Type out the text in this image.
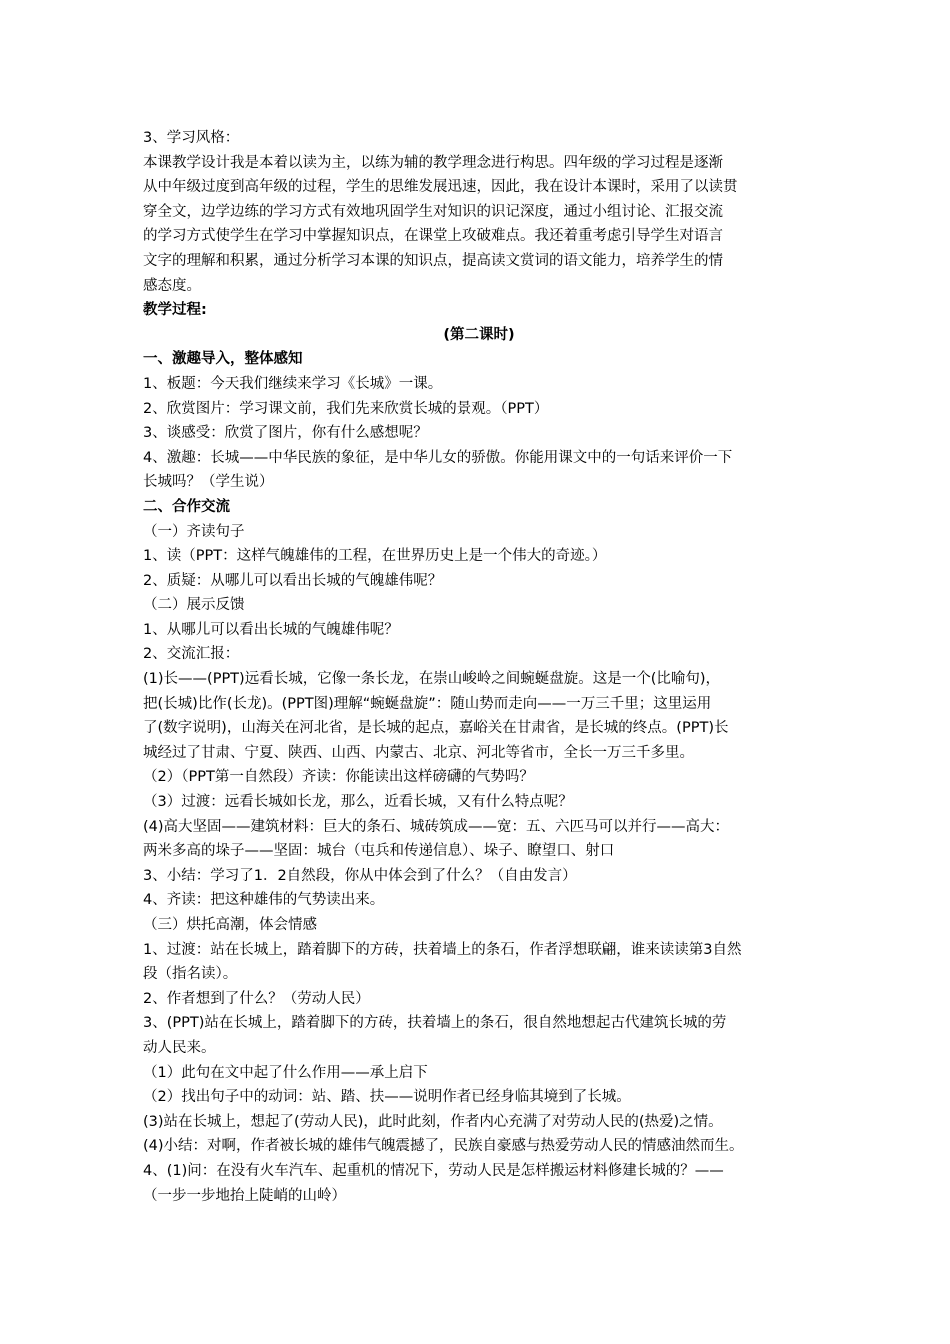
3、学习风格：
本课教学设计我是本着以读为主，以练为辅的教学理念进行构思。四年级的学习过程是逐渐
从中年级过度到高年级的过程，学生的思维发展迅速，因此，我在设计本课时，采用了以读贯
穿全文，边学边练的学习方式有效地巩固学生对知识的识记深度，通过小组讨论、汇报交流
的学习方式使学生在学习中掌握知识点，在课堂上攻破难点。我还着重考虑引导学生对语言
文字的理解和积累，通过分析学习本课的知识点，提高读文赏词的语文能力，培养学生的情
感态度。
教学过程:
(第二课时)
一、激趣导入，整体感知
1、板题：今天我们继续来学习《长城》一课。
2、欣赏图片：学习课文前，我们先来欣赏长城的景观。（PPT）
3、谈感受：欣赏了图片，你有什么感想呢？
4、激趣：长城——中华民族的象征，是中华儿女的骄傲。你能用课文中的一句话来评价一下
长城吗？（学生说）
二、合作交流
（一）齐读句子
1、读（PPT：这样气魄雄伟的工程，在世界历史上是一个伟大的奇迹。）
2、质疑：从哪儿可以看出长城的气魄雄伟呢？
（二）展示反馈
1、从哪儿可以看出长城的气魄雄伟呢？
2、交流汇报：
(1)长——(PPT)远看长城，它像一条长龙，在崇山峻岭之间蜿蜒盘旋。这是一个(比喻句)，
把(长城)比作(长龙)。(PPT图)理解“蜿蜒盘旋”：随山势而走向——一万三千里；这里运用
了(数字说明)，山海关在河北省，是长城的起点，嘉峪关在甘肃省，是长城的终点。(PPT)长
城经过了甘肃、宁夏、陕西、山西、内蒙古、北京、河北等省市，全长一万三千多里。
（2）（PPT第一自然段）齐读：你能读出这样磅礴的气势吗？
（3）过渡：远看长城如长龙，那么，近看长城，又有什么特点呢？
(4)高大坚固——建筑材料：巨大的条石、城砖筑成——宽：五、六匹马可以并行——高大：
两米多高的垛子——坚固：城台（屯兵和传递信息）、垛子、瞭望口、射口
3、小结：学习了1．2自然段，你从中体会到了什么？（自由发言）
4、齐读：把这种雄伟的气势读出来。
（三）烘托高潮，体会情感
1、过渡：站在长城上，踏着脚下的方砖，扶着墙上的条石，作者浮想联翩，谁来读读第3自然
段（指名读）。
2、作者想到了什么？（劳动人民）
3、(PPT)站在长城上，踏着脚下的方砖，扶着墙上的条石，很自然地想起古代建筑长城的劳
动人民来。
（1）此句在文中起了什么作用——承上启下
（2）找出句子中的动词：站、踏、扶——说明作者已经身临其境到了长城。
(3)站在长城上，想起了(劳动人民)，此时此刻，作者内心充满了对劳动人民的(热爱)之情。
(4)小结：对啊，作者被长城的雄伟气魄震撼了，民族自豪感与热爱劳动人民的情感油然而生。
4、(1)问：在没有火车汽车、起重机的情况下，劳动人民是怎样搬运材料修建长城的？——
（一步一步地抬上陡峭的山岭）
